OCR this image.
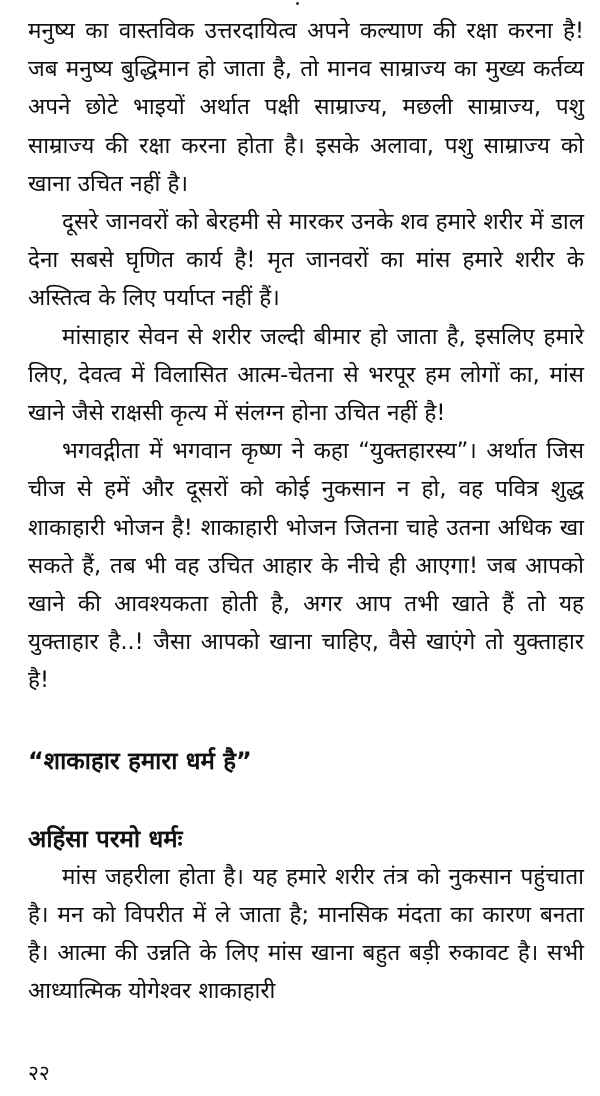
मनुष्य का वास्तविक उत्तरदायित्व अपने कल्याण की रक्षा करना है! जब मनुष्य बुद्धिमान हो जाता है, तो मानव साम्राज्य का मुख्य कर्तव्य अपने छोटे भाइयों अर्थात पक्षी साम्राज्य, मछली साम्राज्य, पशु साम्राज्य की रक्षा करना होता है। इसके अलावा, पशु साम्राज्य को खाना उचित नहीं है।

दूसरे जानवरों को बेरहमी से मारकर उनके शव हमारे शरीर में डाल देना सबसे घृणित कार्य है! मृत जानवरों का मांस हमारे शरीर के अस्तित्व के लिए पर्याप्त नहीं हैं।

मांसाहार सेवन से शरीर जल्दी बीमार हो जाता है, इसलिए हमारे लिए, देवत्व में विलासित आत्म-चेतना से भरपूर हम लोगों का, मांस खाने जैसे राक्षसी कृत्य में संलग्न होना उचित नहीं है!

भगवद्गीता में भगवान कृष्ण ने कहा “युक्तहारस्य”। अर्थात जिस चीज से हमें और दूसरों को कोई नुकसान न हो, वह पवित्र शुद्ध शाकाहारी भोजन है! शाकाहारी भोजन जितना चाहे उतना अधिक खा सकते हैं, तब भी वह उचित आहार के नीचे ही आएगा! जब आपको खाने की आवश्यकता होती है, अगर आप तभी खाते हैं तो यह युक्ताहार है..! जैसा आपको खाना चाहिए, वैसे खाएंगे तो युक्ताहार है!

“शाकाहार हमारा धर्म है”
अहिंसा परमो धर्मः

मांस जहरीला होता है। यह हमारे शरीर तंत्र को नुकसान पहुंचाता है। मन को विपरीत में ले जाता है; मानसिक मंदता का कारण बनता है। आत्मा की उन्नति के लिए मांस खाना बहुत बड़ी रुकावट है। सभी आध्यात्मिक योगेश्वर शाकाहारी

२२
